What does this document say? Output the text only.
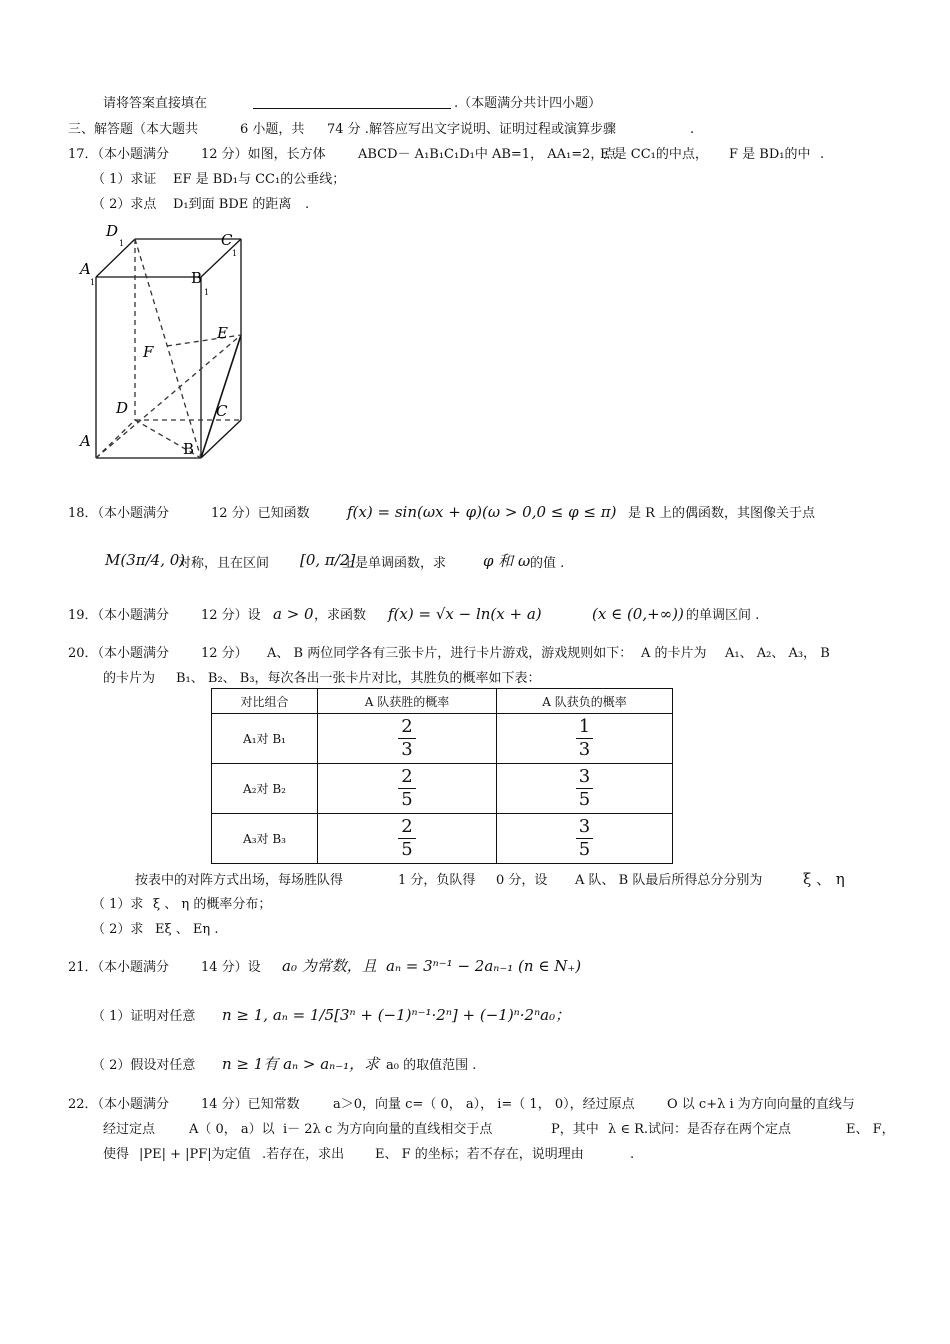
请将答案直接填在	.（本题满分共计四小题）
三、解答题（本大题共	6 小题，共 74 分 .解答应写出文字说明、证明过程或演算步骤	.
17．（本小题满分 12 分）如图，长方体 ABCD－ A₁B₁C₁D₁中 AB=1， AA₁=2，点
E 是 CC₁的中点， F 是 BD₁的中 .
（ 1）求证 EF 是 BD₁与 CC₁的公垂线；
（ 2）求点 D₁到面 BDE 的距离 .
D
1	C
1
A
1	B
1
E
F
D	C
A	B
18．（本小题满分	12 分）已知函数 f(x) = sin(ωx + φ)(ω > 0,0 ≤ φ ≤ π) 是 R 上的偶函数，其图像关于点
M(3π/4, 0)
对称，且在区间 [0, π/2]
上是单调函数，求 φ 和 ω 的值 .
19．（本小题满分 12 分）设 a > 0 ，求函数 f(x) = √x − ln(x + a)	(x ∈ (0,+∞)) 的单调区间 .
20．（本小题满分 12 分） A、 B 两位同学各有三张卡片，进行卡片游戏，游戏规则如下： A 的卡片为 A₁、 A₂、 A₃， B
的卡片为 B₁、 B₂、 B₃，每次各出一张卡片对比，其胜负的概率如下表：
对比组合	A 队获胜的概率	A 队获负的概率
A₁对 B₁	$\frac{2}{3}$	$\frac{1}{3}$

A₂对 B₂	$\frac{2}{5}$	$\frac{3}{5}$

A₃对 B₃	$\frac{2}{5}$	$\frac{3}{5}$
按表中的对阵方式出场，每场胜队得	1 分，负队得 0 分，设 A 队、 B 队最后所得总分分别为	ξ 、 η
（ 1）求 ξ 、 η 的概率分布；
（ 2）求 Eξ 、 Eη .
21．（本小题满分 14 分）设 a₀ 为常数，且 aₙ = 3ⁿ⁻¹ − 2aₙ₋₁ (n ∈ N₊)
（ 1）证明对任意 n ≥ 1, aₙ = 1/5[3ⁿ + (−1)ⁿ⁻¹·2ⁿ] + (−1)ⁿ·2ⁿa₀；
（ 2）假设对任意 n ≥ 1有 aₙ > aₙ₋₁，求 a₀ 的取值范围 .
22．（本小题满分 14 分）已知常数	a＞0，向量 c=（ 0， a）， i=（ 1， 0），经过原点 O 以 c+λ i 为方向向量的直线与
经过定点	A（ 0， a）以 i－ 2λ c 为方向向量的直线相交于点	P，其中 λ ∈ R.试问：是否存在两个定点	E、 F，
使得 |PE| + |PF|为定值 .若存在，求出 E、 F 的坐标；若不存在，说明理由	.
